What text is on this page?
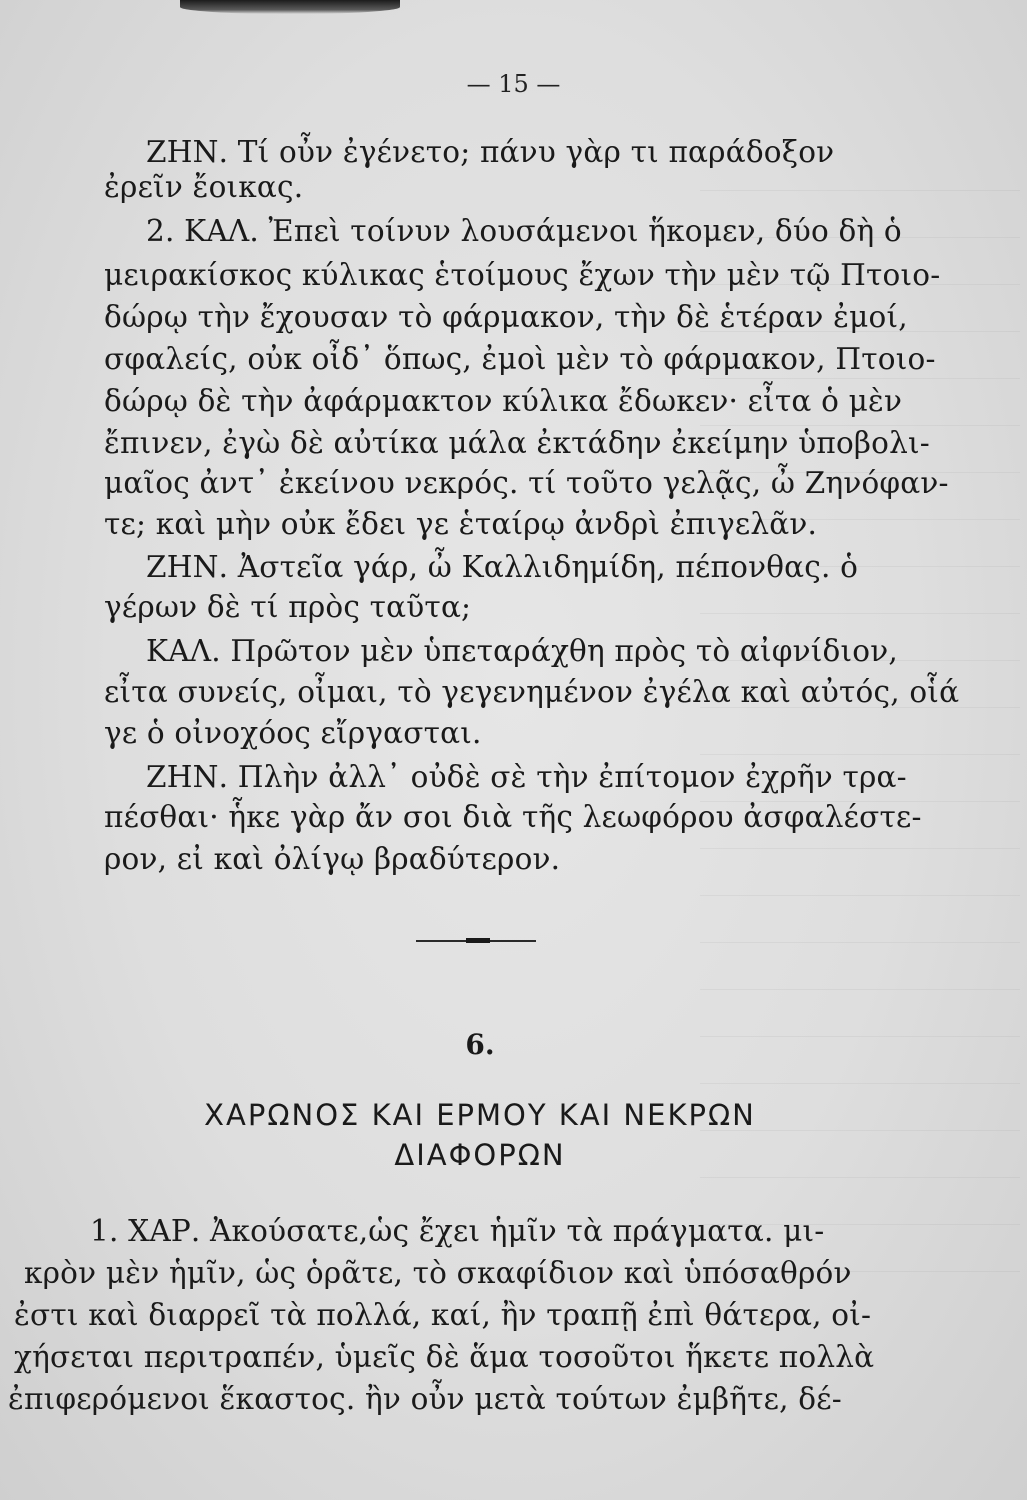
— 15 —
ΖΗΝ. Τί οὖν ἐγένετο; πάνυ γὰρ τι παράδοξον
ἐρεῖν ἔοικας.
2. ΚΑΛ. Ἐπεὶ τοίνυν λουσάμενοι ἥκομεν, δύο δὴ ὁ
μειρακίσκος κύλικας ἑτοίμους ἔχων τὴν μὲν τῷ Πτοιο-
δώρῳ τὴν ἔχουσαν τὸ φάρμακον, τὴν δὲ ἑτέραν ἐμοί,
σφαλείς, οὐκ οἶδ᾽ ὅπως, ἐμοὶ μὲν τὸ φάρμακον, Πτοιο-
δώρῳ δὲ τὴν ἀφάρμακτον κύλικα ἔδωκεν· εἶτα ὁ μὲν
ἔπινεν, ἐγὼ δὲ αὐτίκα μάλα ἐκτάδην ἐκείμην ὑποβολι-
μαῖος ἀντ᾽ ἐκείνου νεκρός. τί τοῦτο γελᾷς, ὦ Ζηνόφαν-
τε; καὶ μὴν οὐκ ἔδει γε ἑταίρῳ ἀνδρὶ ἐπιγελᾶν.
ΖΗΝ. Ἀστεῖα γάρ, ὦ Καλλιδημίδη, πέπονθας. ὁ
γέρων δὲ τί πρὸς ταῦτα;
ΚΑΛ. Πρῶτον μὲν ὑπεταράχθη πρὸς τὸ αἰφνίδιον,
εἶτα συνείς, οἶμαι, τὸ γεγενημένον ἐγέλα καὶ αὐτός, οἷά
γε ὁ οἰνοχόος εἴργασται.
ΖΗΝ. Πλὴν ἀλλ᾽ οὐδὲ σὲ τὴν ἐπίτομον ἐχρῆν τρα-
πέσθαι· ἧκε γὰρ ἄν σοι διὰ τῆς λεωφόρου ἀσφαλέστε-
ρον, εἰ καὶ ὀλίγῳ βραδύτερον.
6.
ΧΑΡΩΝΟΣ ΚΑΙ ΕΡΜΟΥ ΚΑΙ ΝΕΚΡΩΝ
ΔΙΑΦΟΡΩΝ
1. ΧΑΡ. Ἀκούσατε,ὡς ἔχει ἡμῖν τὰ πράγματα. μι-
κρὸν μὲν ἡμῖν, ὡς ὁρᾶτε, τὸ σκαφίδιον καὶ ὑπόσαθρόν
ἐστι καὶ διαρρεῖ τὰ πολλά, καί, ἢν τραπῇ ἐπὶ θάτερα, οἰ-
χήσεται περιτραπέν, ὑμεῖς δὲ ἅμα τοσοῦτοι ἥκετε πολλὰ
ἐπιφερόμενοι ἕκαστος. ἢν οὖν μετὰ τούτων ἐμβῆτε, δέ-
